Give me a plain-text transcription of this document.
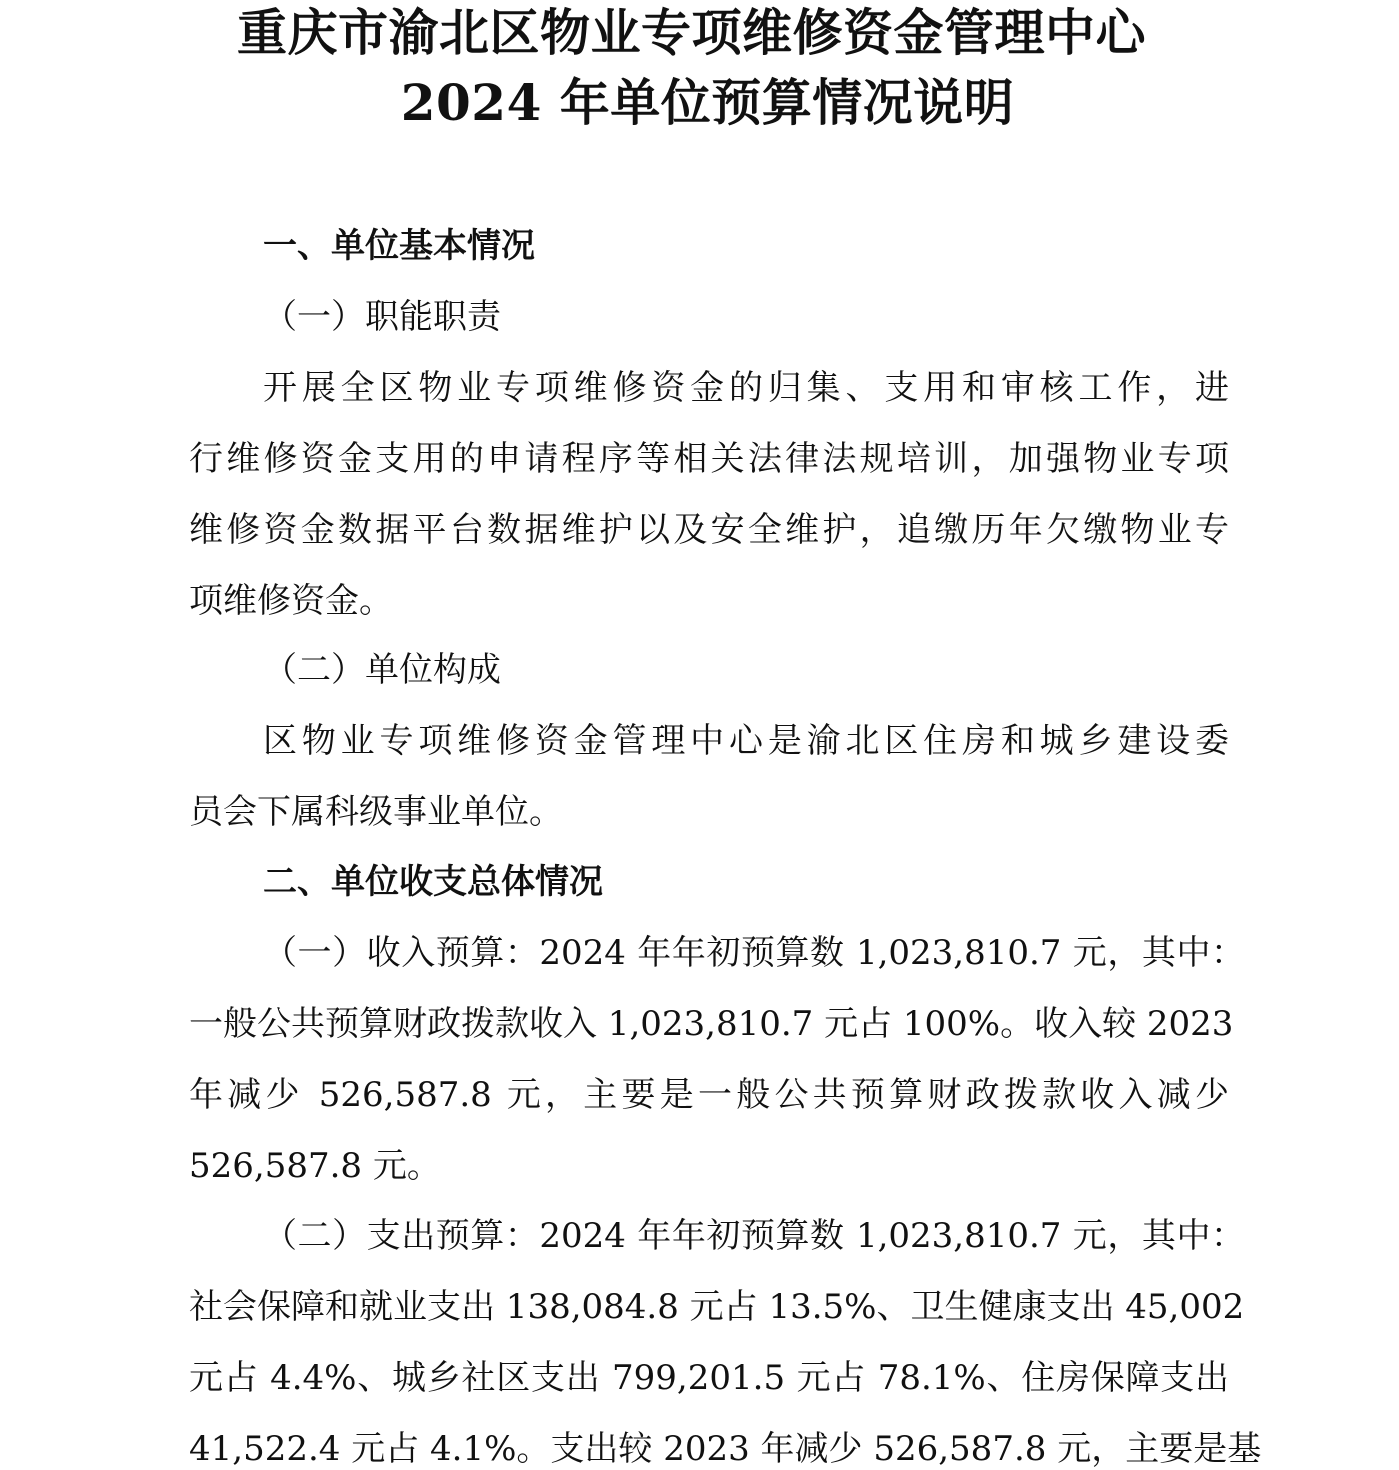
重庆市渝北区物业专项维修资金管理中心
2024 年单位预算情况说明
一、单位基本情况
（一）职能职责
开展全区物业专项维修资金的归集、支用和审核工作，进
行维修资金支用的申请程序等相关法律法规培训，加强物业专项
维修资金数据平台数据维护以及安全维护，追缴历年欠缴物业专
项维修资金。
（二）单位构成
区物业专项维修资金管理中心是渝北区住房和城乡建设委
员会下属科级事业单位。
二、单位收支总体情况
（一）收入预算：2024 年年初预算数 1,023,810.7 元，其中：
一般公共预算财政拨款收入 1,023,810.7 元占 100%。收入较 2023
年减少 526,587.8 元，主要是一般公共预算财政拨款收入减少
526,587.8 元。
（二）支出预算：2024 年年初预算数 1,023,810.7 元，其中：
社会保障和就业支出 138,084.8 元占 13.5%、卫生健康支出 45,002
元占 4.4%、城乡社区支出 799,201.5 元占 78.1%、住房保障支出
41,522.4 元占 4.1%。支出较 2023 年减少 526,587.8 元，主要是基
